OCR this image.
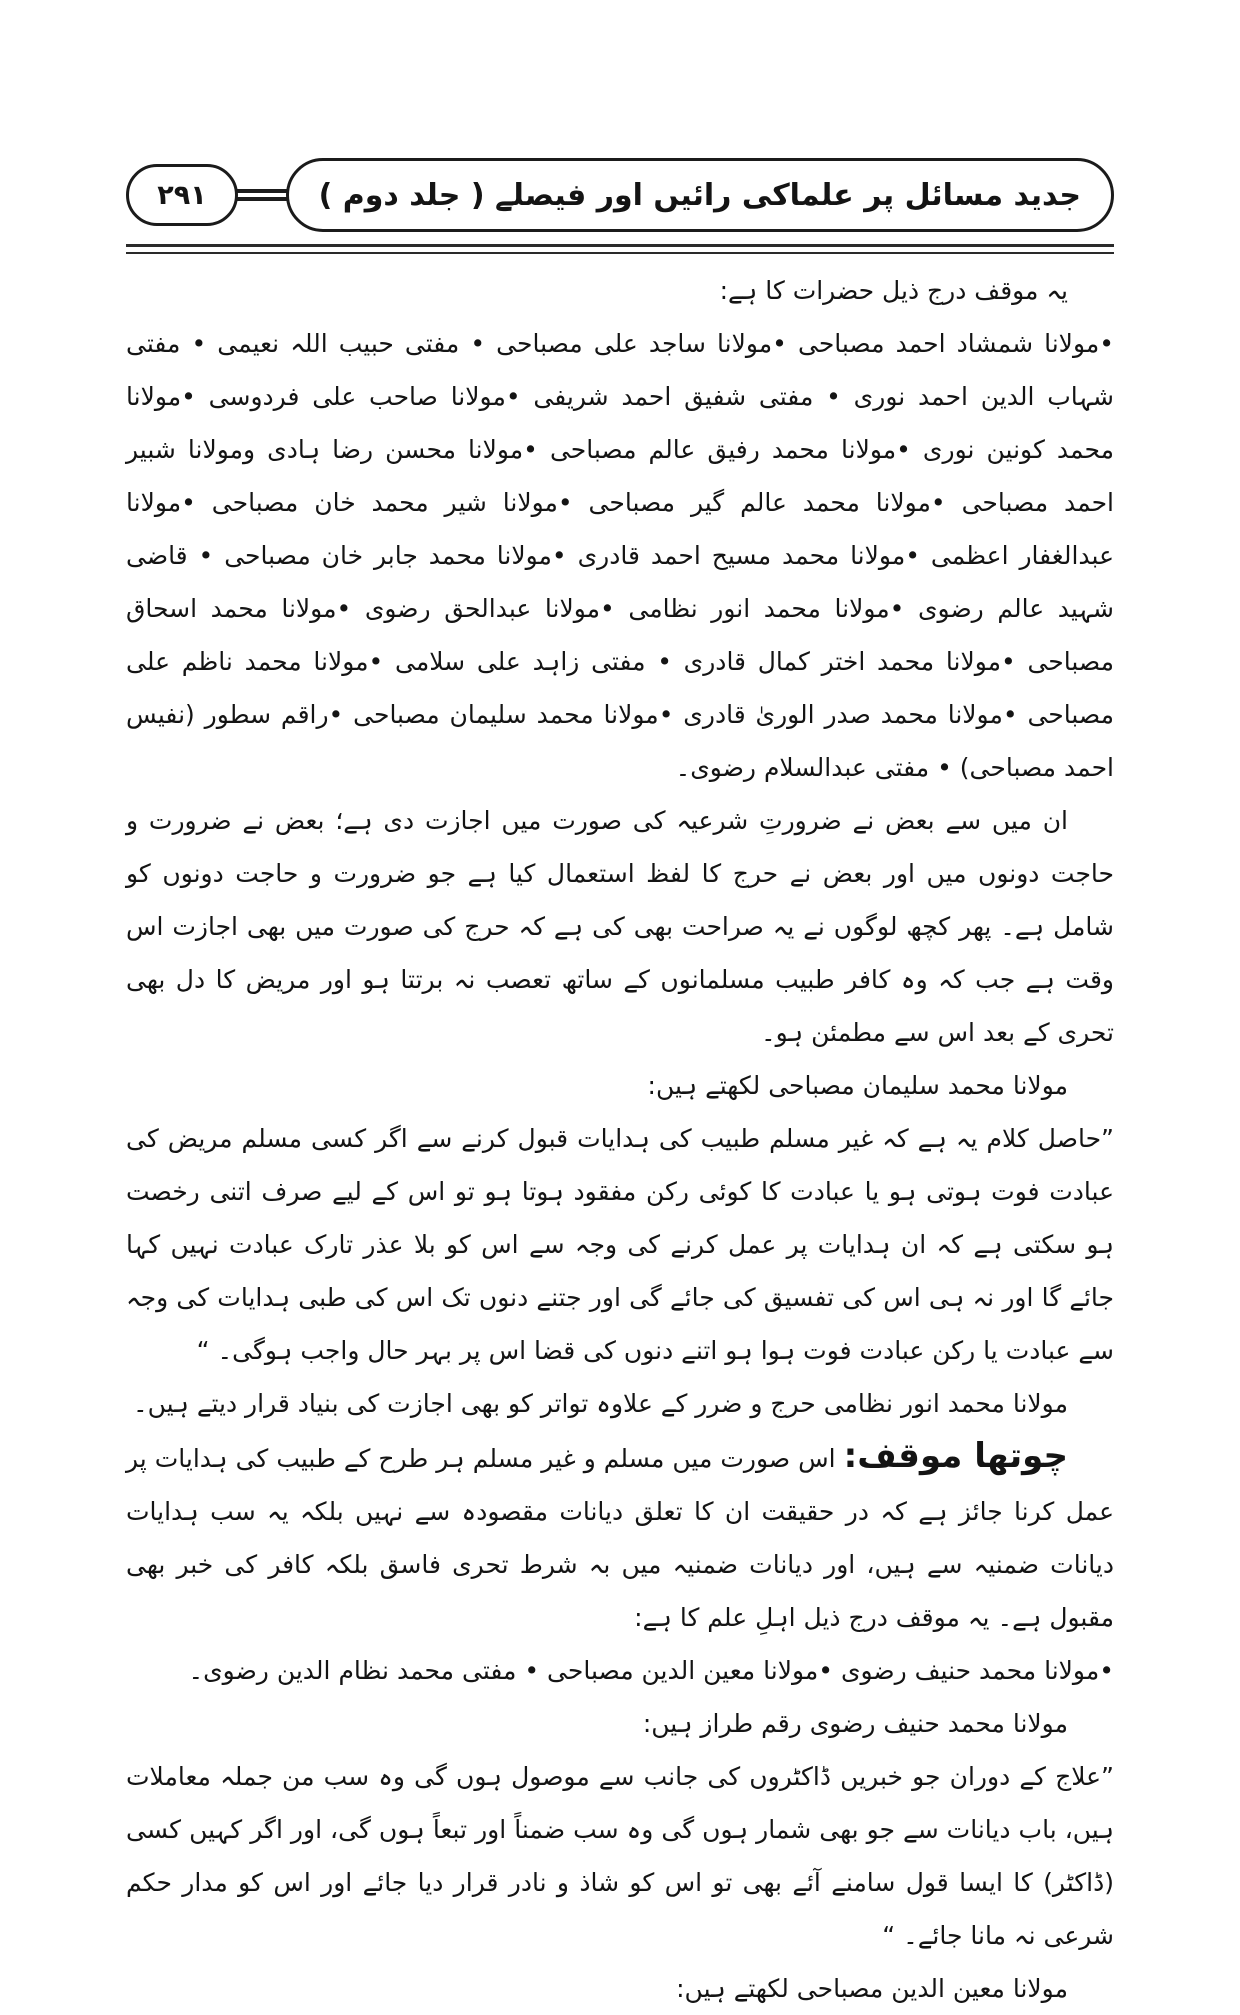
۲۹۱	جدید مسائل پر علماکی رائیں اور فیصلے ( جلد دوم )

یہ موقف درج ذیل حضرات کا ہے:

•مولانا شمشاد احمد مصباحی •مولانا ساجد علی مصباحی • مفتی حبیب اللہ نعیمی • مفتی شہاب الدین احمد نوری • مفتی شفیق احمد شریفی •مولانا صاحب علی فردوسی •مولانا محمد کونین نوری •مولانا محمد رفیق عالم مصباحی •مولانا محسن رضا ہادی ومولانا شبیر احمد مصباحی •مولانا محمد عالم گیر مصباحی •مولانا شیر محمد خان مصباحی •مولانا عبدالغفار اعظمی •مولانا محمد مسیح احمد قادری •مولانا محمد جابر خان مصباحی • قاضی شہید عالم رضوی •مولانا محمد انور نظامی •مولانا عبدالحق رضوی •مولانا محمد اسحاق مصباحی •مولانا محمد اختر کمال قادری • مفتی زاہد علی سلامی •مولانا محمد ناظم علی مصباحی •مولانا محمد صدر الوریٰ قادری •مولانا محمد سلیمان مصباحی •راقم سطور (نفیس احمد مصباحی) • مفتی عبدالسلام رضوی۔

ان میں سے بعض نے ضرورتِ شرعیہ کی صورت میں اجازت دی ہے؛ بعض نے ضرورت و حاجت دونوں میں اور بعض نے حرج کا لفظ استعمال کیا ہے جو ضرورت و حاجت دونوں کو شامل ہے۔ پھر کچھ لوگوں نے یہ صراحت بھی کی ہے کہ حرج کی صورت میں بھی اجازت اس وقت ہے جب کہ وہ کافر طبیب مسلمانوں کے ساتھ تعصب نہ برتتا ہو اور مریض کا دل بھی تحری کے بعد اس سے مطمئن ہو۔

مولانا محمد سلیمان مصباحی لکھتے ہیں:

”حاصل کلام یہ ہے کہ غیر مسلم طبیب کی ہدایات قبول کرنے سے اگر کسی مسلم مریض کی عبادت فوت ہوتی ہو یا عبادت کا کوئی رکن مفقود ہوتا ہو تو اس کے لیے صرف اتنی رخصت ہو سکتی ہے کہ ان ہدایات پر عمل کرنے کی وجہ سے اس کو بلا عذر تارک عبادت نہیں کہا جائے گا اور نہ ہی اس کی تفسیق کی جائے گی اور جتنے دنوں تک اس کی طبی ہدایات کی وجہ سے عبادت یا رکن عبادت فوت ہوا ہو اتنے دنوں کی قضا اس پر بہر حال واجب ہوگی۔ “

مولانا محمد انور نظامی حرج و ضرر کے علاوہ تواتر کو بھی اجازت کی بنیاد قرار دیتے ہیں۔

چوتھا موقف: اس صورت میں مسلم و غیر مسلم ہر طرح کے طبیب کی ہدایات پر عمل کرنا جائز ہے کہ در حقیقت ان کا تعلق دیانات مقصودہ سے نہیں بلکہ یہ سب ہدایات دیانات ضمنیہ سے ہیں، اور دیانات ضمنیہ میں بہ شرط تحری فاسق بلکہ کافر کی خبر بھی مقبول ہے۔ یہ موقف درج ذیل اہلِ علم کا ہے:

•مولانا محمد حنیف رضوی •مولانا معین الدین مصباحی • مفتی محمد نظام الدین رضوی۔

مولانا محمد حنیف رضوی رقم طراز ہیں:

”علاج کے دوران جو خبریں ڈاکٹروں کی جانب سے موصول ہوں گی وہ سب من جملہ معاملات ہیں، باب دیانات سے جو بھی شمار ہوں گی وہ سب ضمناً اور تبعاً ہوں گی، اور اگر کہیں کسی (ڈاکٹر) کا ایسا قول سامنے آئے بھی تو اس کو شاذ و نادر قرار دیا جائے اور اس کو مدار حکم شرعی نہ مانا جائے۔ “

مولانا معین الدین مصباحی لکھتے ہیں:
